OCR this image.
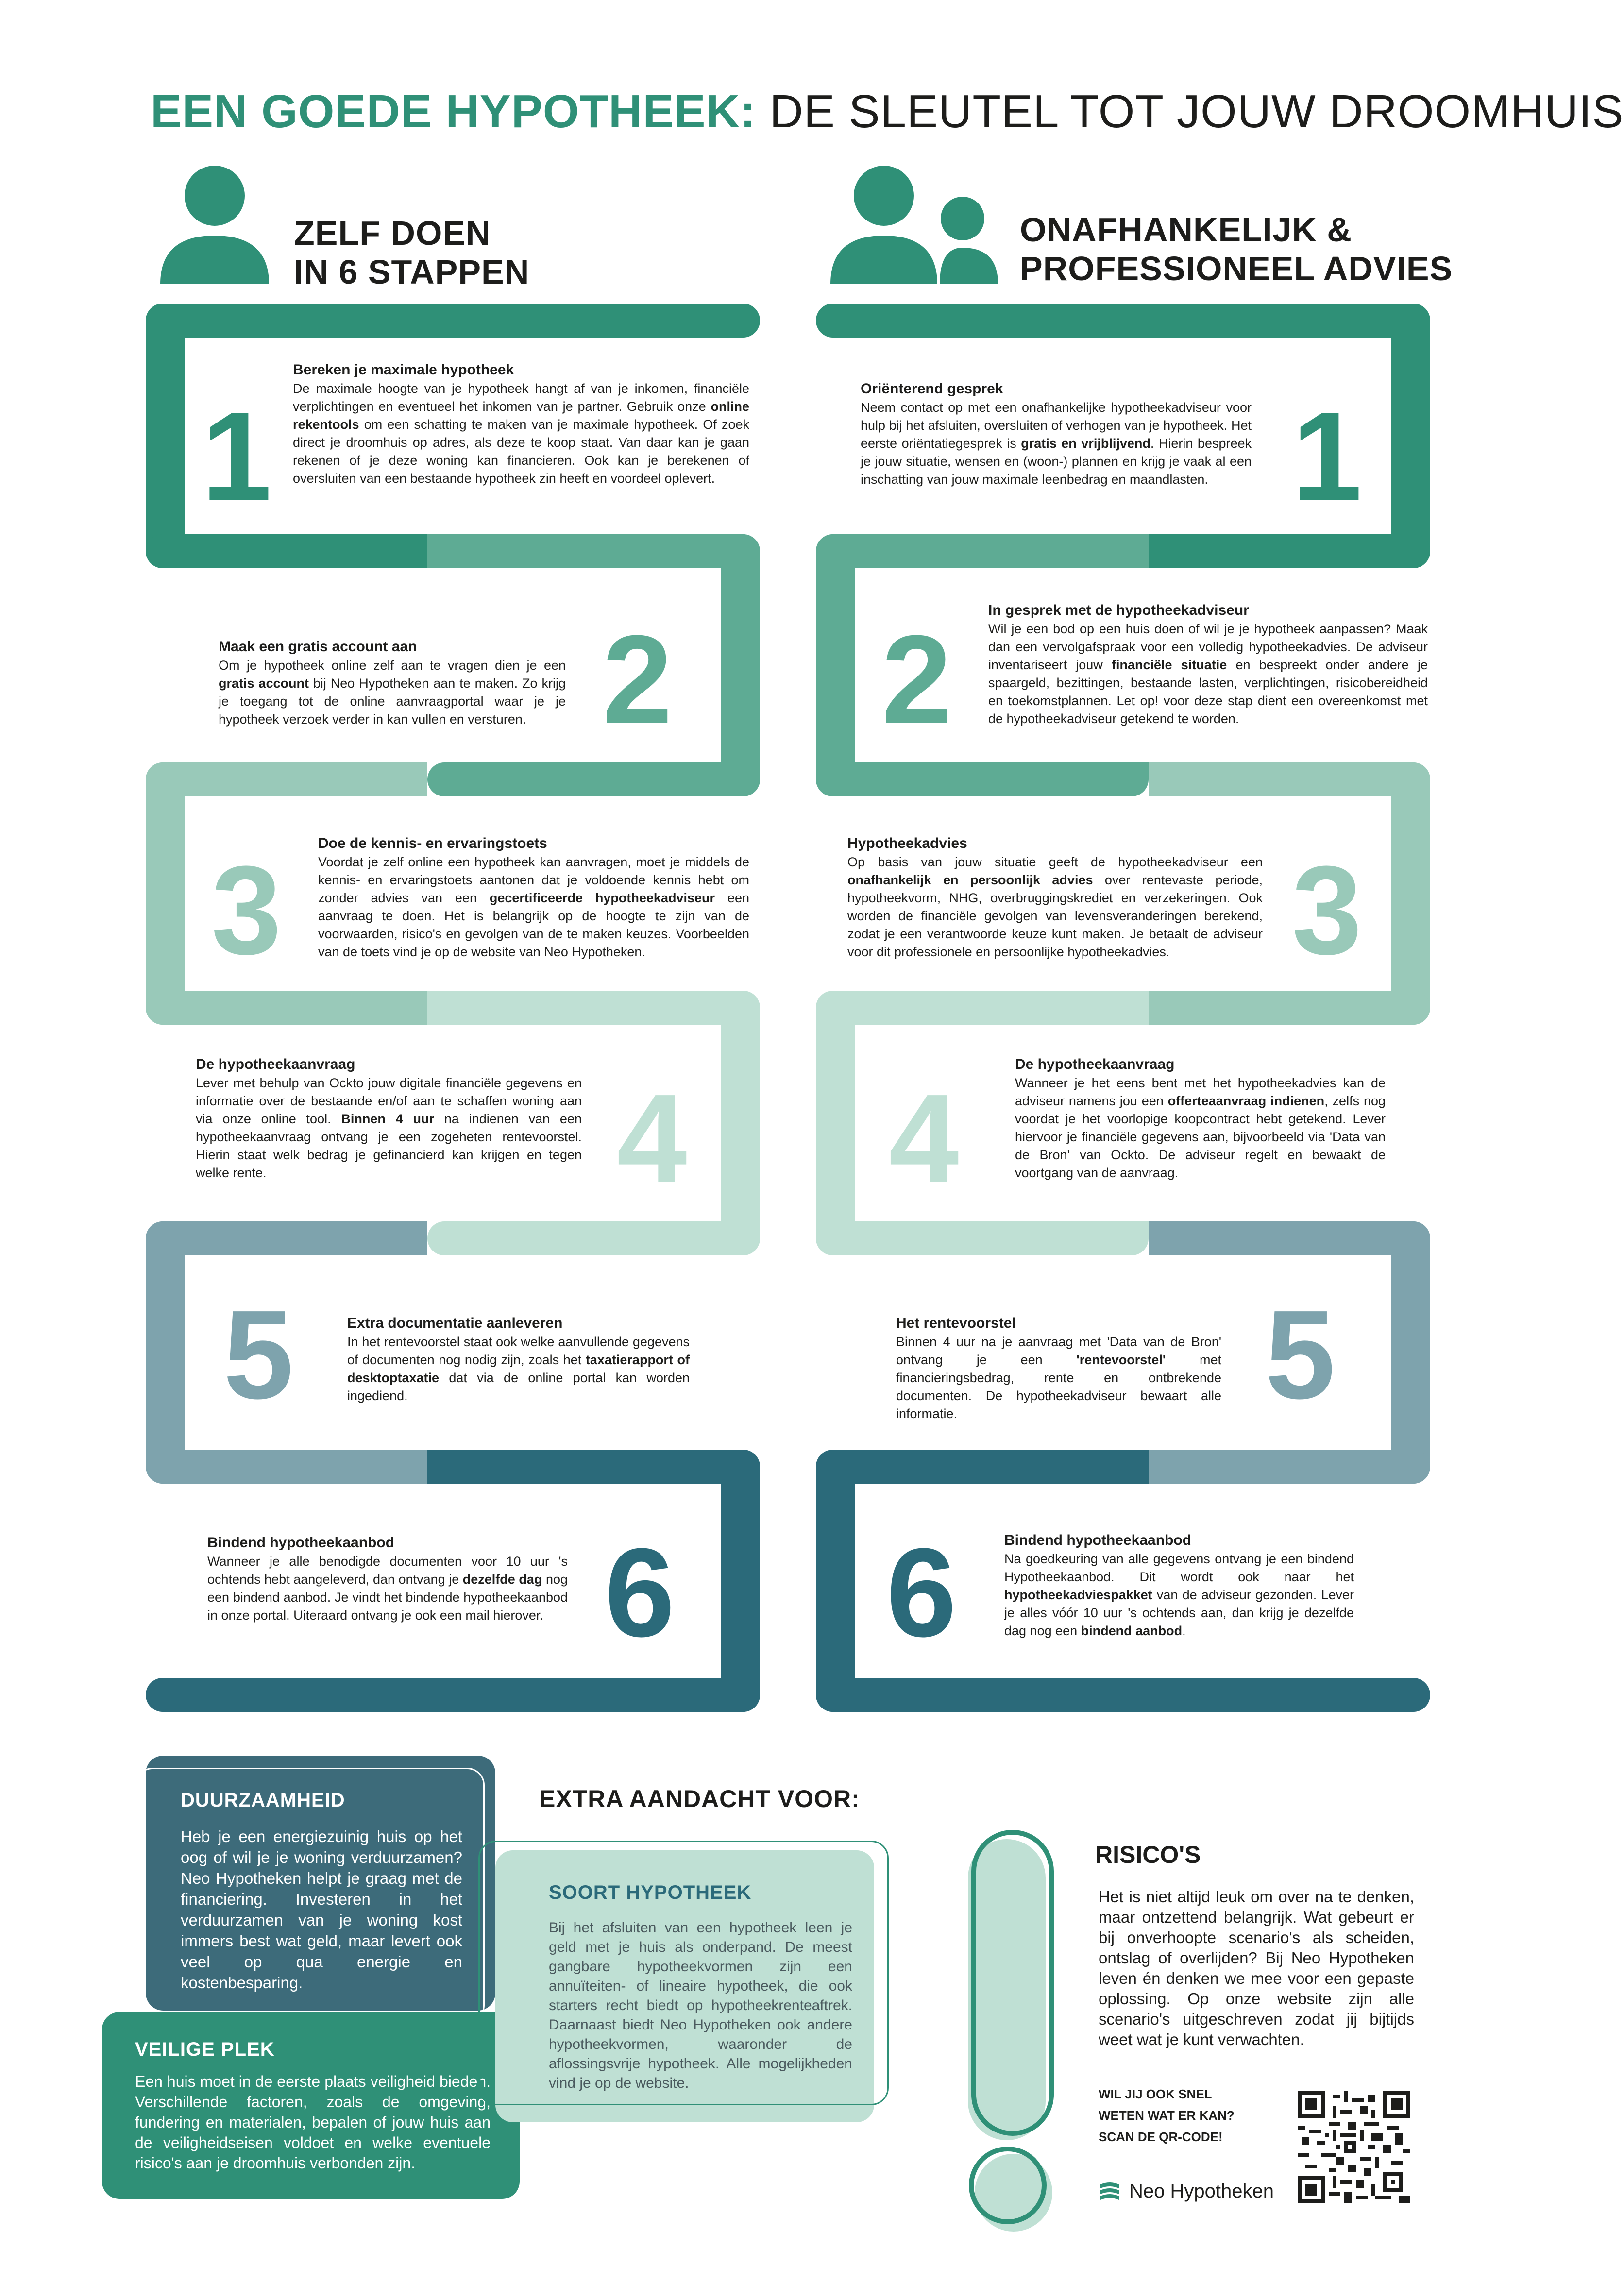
EEN GOEDE HYPOTHEEK: DE SLEUTEL TOT JOUW DROOMHUIS
ZELF DOEN
IN 6 STAPPEN
ONAFHANKELIJK &
PROFESSIONEEL ADVIES
1
2
3
4
5
6
1
2
3
4
5
6
Bereken je maximale hypotheek
De maximale hoogte van je hypotheek hangt af van je inkomen, financiële verplichtingen en eventueel het inkomen van je partner. Gebruik onze online rekentools om een schatting te maken van je maximale hypotheek. Of zoek direct je droomhuis op adres, als deze te koop staat. Van daar kan je gaan rekenen of je deze woning kan financieren. Ook kan je berekenen of oversluiten van een bestaande hypotheek zin heeft en voordeel oplevert.
Maak een gratis account aan
Om je hypotheek online zelf aan te vragen dien je een gratis account bij Neo Hypotheken aan te maken. Zo krijg je toegang tot de online aanvraagportal waar je je hypotheek verzoek verder in kan vullen en versturen.
Doe de kennis- en ervaringstoets
Voordat je zelf online een hypotheek kan aanvragen, moet je middels de kennis- en ervaringstoets aantonen dat je voldoende kennis hebt om zonder advies van een gecertificeerde hypotheekadviseur een aanvraag te doen. Het is belangrijk op de hoogte te zijn van de voorwaarden, risico's en gevolgen van de te maken keuzes. Voorbeelden van de toets vind je op de website van Neo Hypotheken.
De hypotheekaanvraag
Lever met behulp van Ockto jouw digitale financiële gegevens en informatie over de bestaande en/of aan te schaffen woning aan via onze online tool. Binnen 4 uur na indienen van een hypotheekaanvraag ontvang je een zogeheten rentevoorstel. Hierin staat welk bedrag je gefinancierd kan krijgen en tegen welke rente.
Extra documentatie aanleveren
In het rentevoorstel staat ook welke aanvullende gegevens of documenten nog nodig zijn, zoals het taxatierapport of desktoptaxatie dat via de online portal kan worden ingediend.
Bindend hypotheekaanbod
Wanneer je alle benodigde documenten voor 10 uur 's ochtends hebt aangeleverd, dan ontvang je dezelfde dag nog een bindend aanbod. Je vindt het bindende hypotheekaanbod in onze portal. Uiteraard ontvang je ook een mail hierover.
Oriënterend gesprek
Neem contact op met een onafhankelijke hypotheekadviseur voor hulp bij het afsluiten, oversluiten of verhogen van je hypotheek. Het eerste oriëntatiegesprek is gratis en vrijblijvend. Hierin bespreek je jouw situatie, wensen en (woon-) plannen en krijg je vaak al een inschatting van jouw maximale leenbedrag en maandlasten.
In gesprek met de hypotheekadviseur
Wil je een bod op een huis doen of wil je je hypotheek aanpassen? Maak dan een vervolgafspraak voor een volledig hypotheekadvies. De adviseur inventariseert jouw financiële situatie en bespreekt onder andere je spaargeld, bezittingen, bestaande lasten, verplichtingen, risicobereidheid en toekomstplannen. Let op! voor deze stap dient een overeenkomst met de hypotheekadviseur getekend te worden.
Hypotheekadvies
Op basis van jouw situatie geeft de hypotheekadviseur een onafhankelijk en persoonlijk advies over rentevaste periode, hypotheekvorm, NHG, overbruggingskrediet en verzekeringen. Ook worden de financiële gevolgen van levensveranderingen berekend, zodat je een verantwoorde keuze kunt maken. Je betaalt de adviseur voor dit professionele en persoonlijke hypotheekadvies.
De hypotheekaanvraag
Wanneer je het eens bent met het hypotheekadvies kan de adviseur namens jou een offerteaanvraag indienen, zelfs nog voordat je het voorlopige koopcontract hebt getekend. Lever hiervoor je financiële gegevens aan, bijvoorbeeld via 'Data van de Bron' van Ockto. De adviseur regelt en bewaakt de voortgang van de aanvraag.
Het rentevoorstel
Binnen 4 uur na je aanvraag met 'Data van de Bron' ontvang je een 'rentevoorstel' met financieringsbedrag, rente en ontbrekende documenten. De hypotheekadviseur bewaart alle informatie.
Bindend hypotheekaanbod
Na goedkeuring van alle gegevens ontvang je een bindend Hypotheekaanbod. Dit wordt ook naar het hypotheekadviespakket van de adviseur gezonden. Lever je alles vóór 10 uur 's ochtends aan, dan krijg je dezelfde dag nog een bindend aanbod.
DUURZAAMHEID

Heb je een energiezuinig huis op het oog of wil je je woning verduurzamen? Neo Hypotheken helpt je graag met de financiering. Investeren in het verduurzamen van je woning kost immers best wat geld, maar levert ook veel op qua energie en kostenbesparing.

VEILIGE PLEK

Een huis moet in de eerste plaats veiligheid bieden. Verschillende factoren, zoals de omgeving, fundering en materialen, bepalen of jouw huis aan de veiligheidseisen voldoet en welke eventuele risico's aan je droomhuis verbonden zijn.

EXTRA AANDACHT VOOR:
SOORT HYPOTHEEK

Bij het afsluiten van een hypotheek leen je geld met je huis als onderpand. De meest gangbare hypotheekvormen zijn een annuïteiten- of lineaire hypotheek, die ook starters recht biedt op hypotheekrenteaftrek. Daarnaast biedt Neo Hypotheken ook andere hypotheekvormen, waaronder de aflossingsvrije hypotheek. Alle mogelijkheden vind je op de website.

RISICO'S
Het is niet altijd leuk om over na te denken, maar ontzettend belangrijk. Wat gebeurt er bij onverhoopte scenario's als scheiden, ontslag of overlijden? Bij Neo Hypotheken leven én denken we mee voor een gepaste oplossing. Op onze website zijn alle scenario's uitgeschreven zodat jij bijtijds weet wat je kunt verwachten.
WIL JIJ OOK SNEL
WETEN WAT ER KAN?
SCAN DE QR-CODE!
Neo Hypotheken
